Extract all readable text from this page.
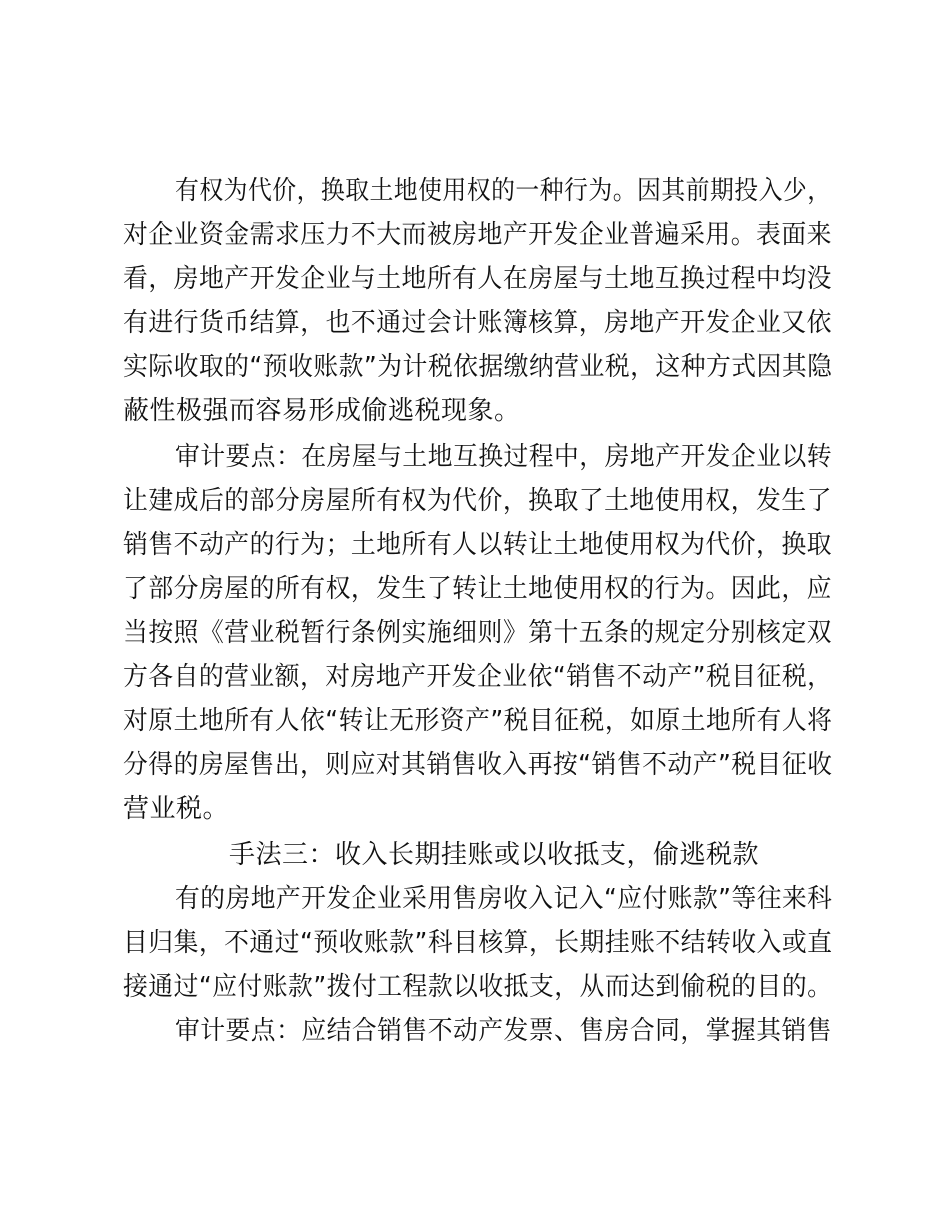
有权为代价，换取土地使用权的一种行为。因其前期投入少，
对企业资金需求压力不大而被房地产开发企业普遍采用。表面来
看，房地产开发企业与土地所有人在房屋与土地互换过程中均没
有进行货币结算，也不通过会计账簿核算，房地产开发企业又依
实际收取的“预收账款”为计税依据缴纳营业税，这种方式因其隐
蔽性极强而容易形成偷逃税现象。
审计要点：在房屋与土地互换过程中，房地产开发企业以转
让建成后的部分房屋所有权为代价，换取了土地使用权，发生了
销售不动产的行为；土地所有人以转让土地使用权为代价，换取
了部分房屋的所有权，发生了转让土地使用权的行为。因此，应
当按照《营业税暂行条例实施细则》第十五条的规定分别核定双
方各自的营业额，对房地产开发企业依“销售不动产”税目征税，
对原土地所有人依“转让无形资产”税目征税，如原土地所有人将
分得的房屋售出，则应对其销售收入再按“销售不动产”税目征收
营业税。
手法三：收入长期挂账或以收抵支，偷逃税款
有的房地产开发企业采用售房收入记入“应付账款”等往来科
目归集，不通过“预收账款”科目核算，长期挂账不结转收入或直
接通过“应付账款”拨付工程款以收抵支，从而达到偷税的目的。
审计要点：应结合销售不动产发票、售房合同，掌握其销售
